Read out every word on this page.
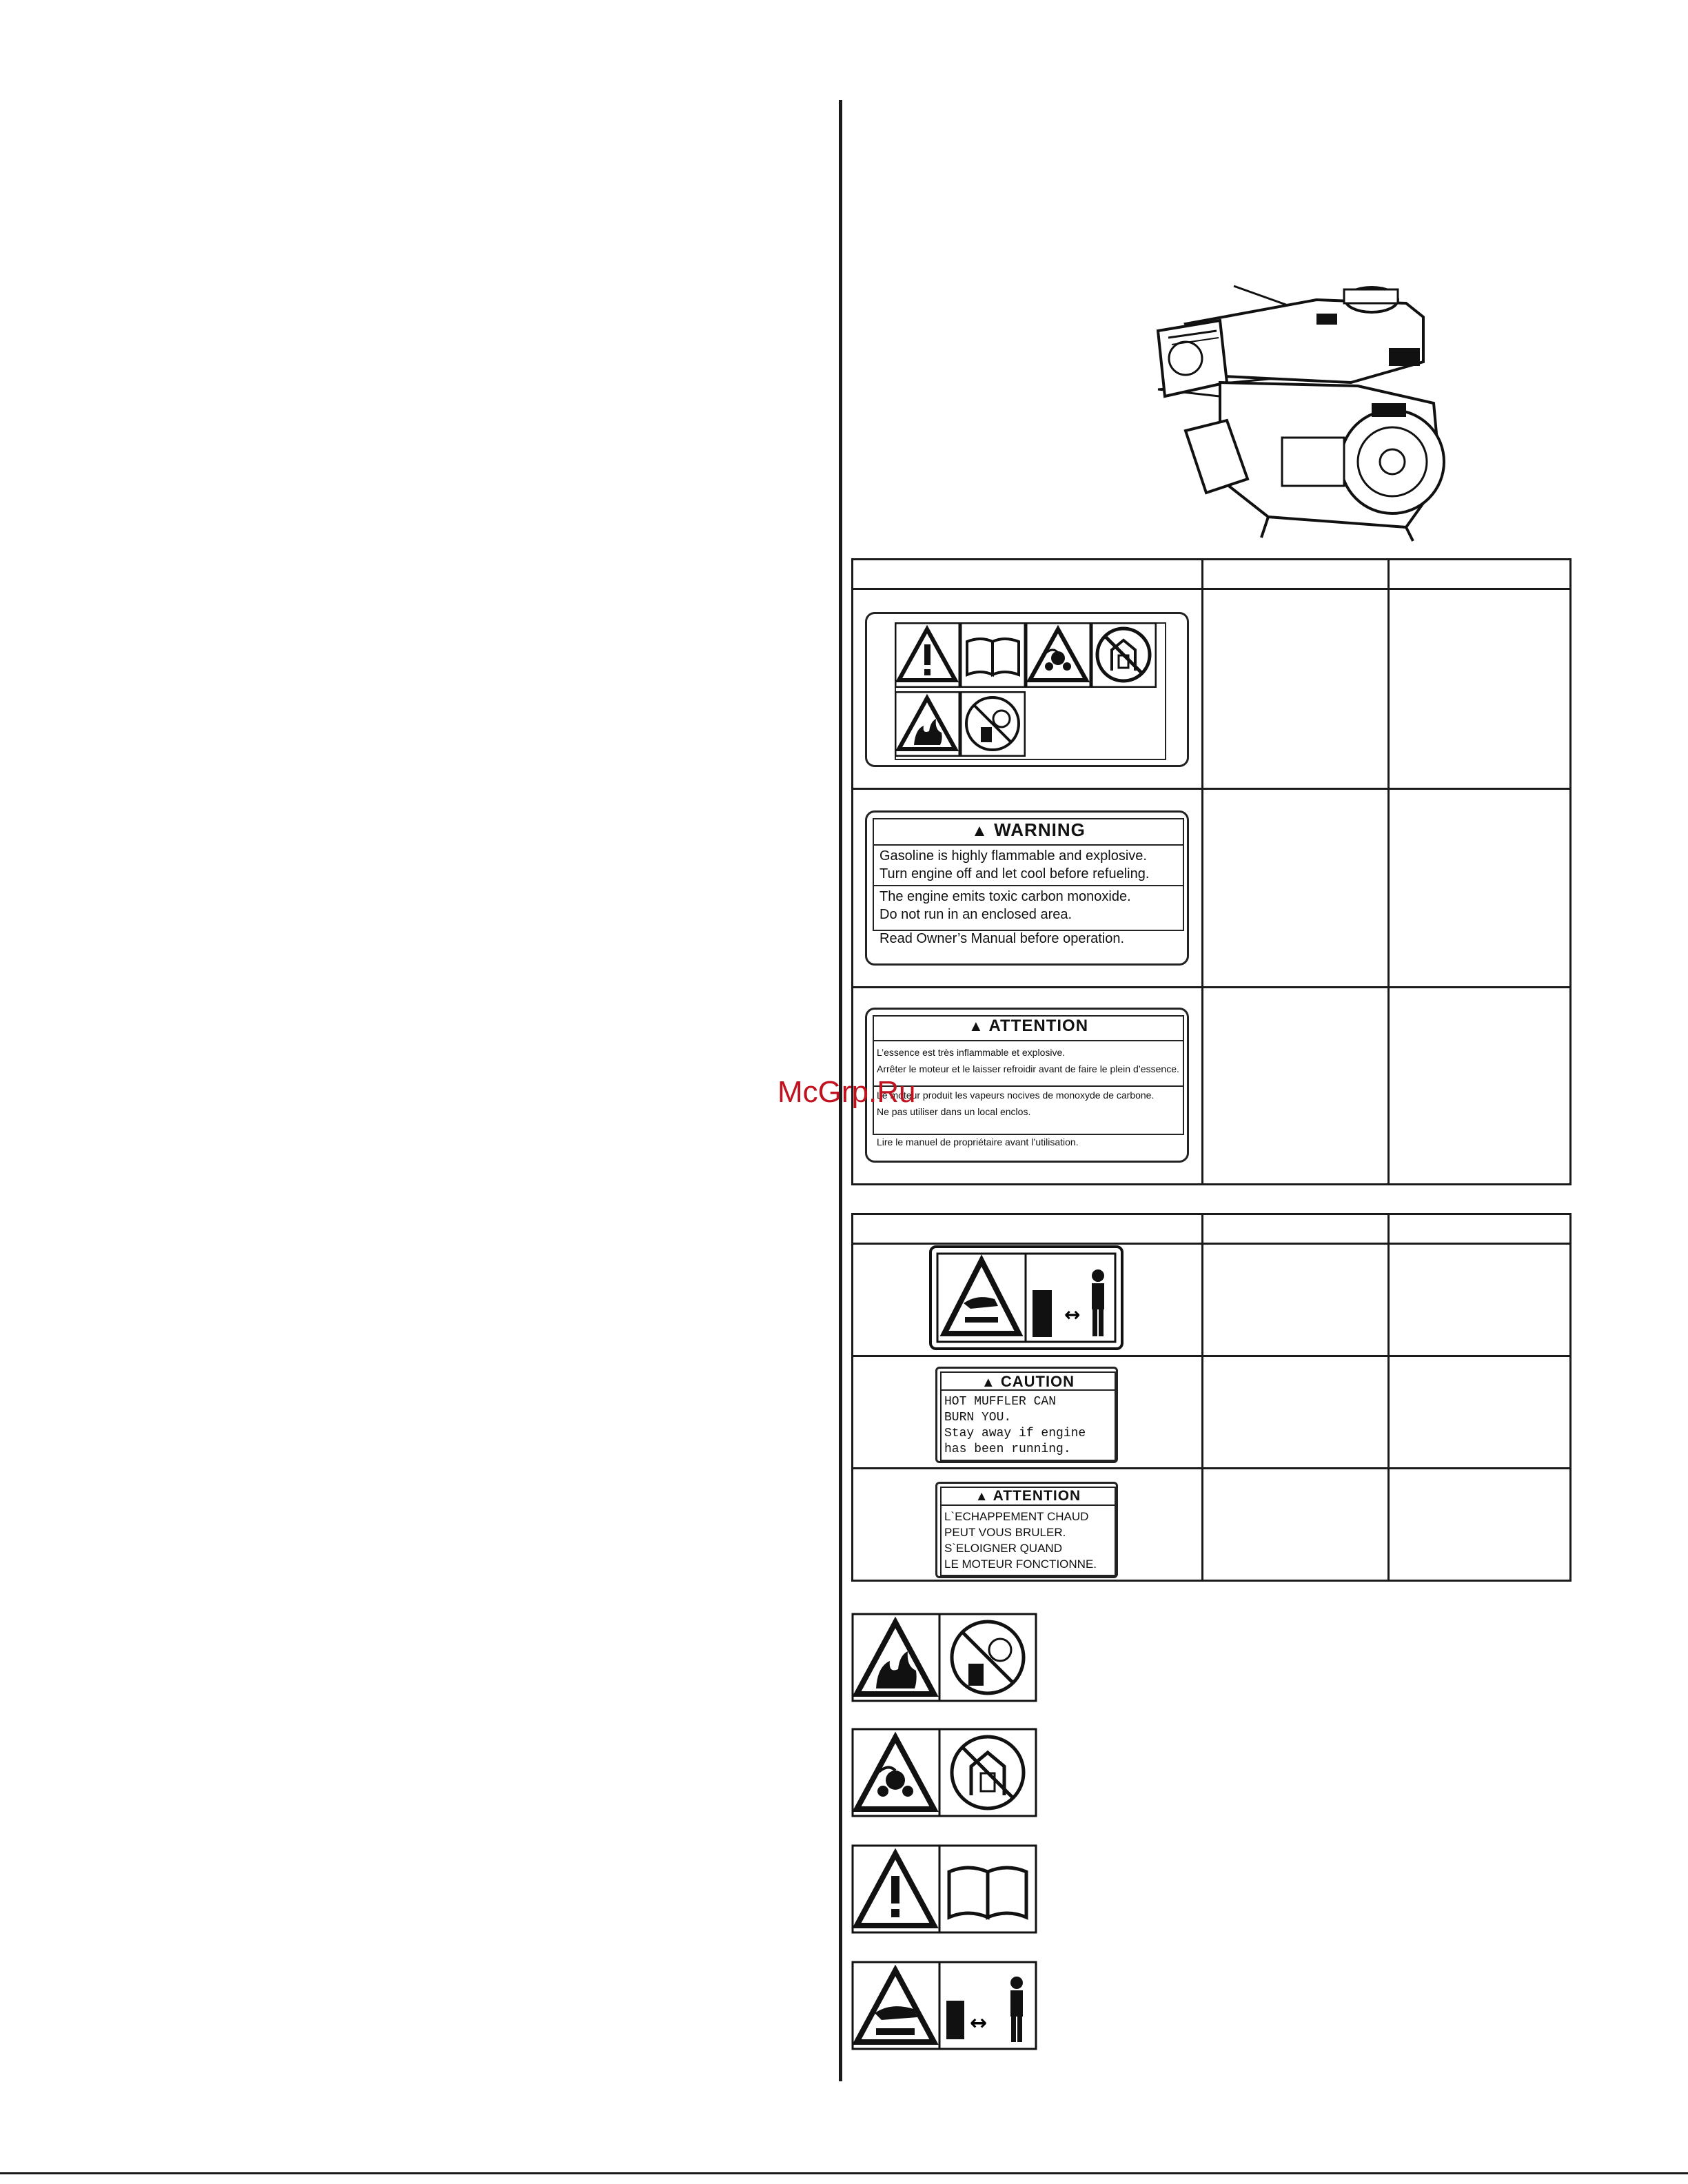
▲ WARNING
Gasoline is highly flammable and explosive.
Turn engine off and let cool before refueling.
The engine emits toxic carbon monoxide.
Do not run in an enclosed area.
Read Owner’s Manual before operation.
▲ ATTENTION
L’essence est très inflammable et explosive.
Arrêter le moteur et le laisser refroidir avant de faire le plein d’essence.
Le moteur produit les vapeurs nocives de monoxyde de carbone.
Ne pas utiliser dans un local enclos.
Lire le manuel de propriétaire avant l’utilisation.
McGrp.Ru
↔
▲ CAUTION
HOT MUFFLER CAN
BURN YOU.
Stay away if engine
has been running.
▲ ATTENTION
L`ECHAPPEMENT CHAUD
PEUT VOUS BRULER.
S`ELOIGNER QUAND
LE MOTEUR FONCTIONNE.
↔
